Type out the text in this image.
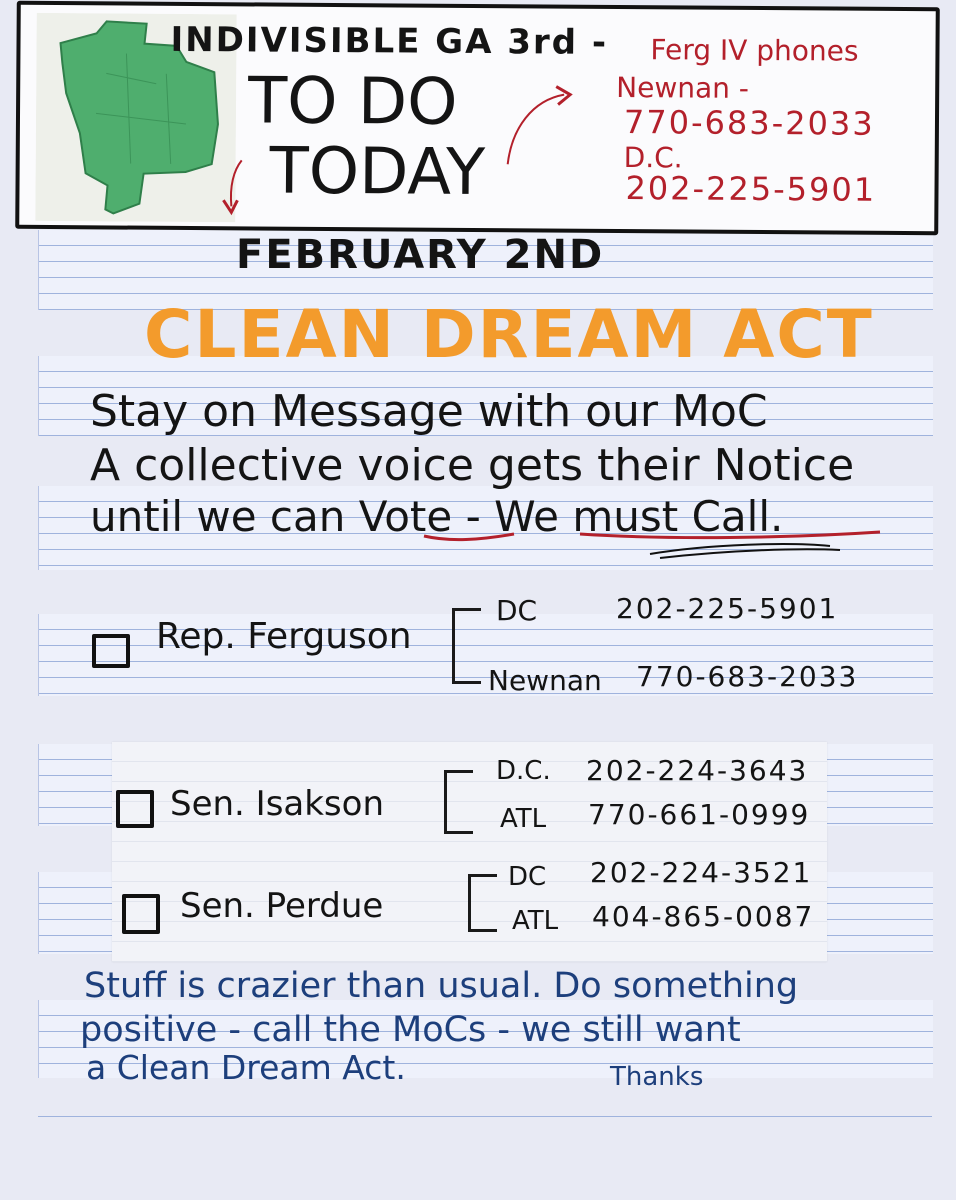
INDIVISIBLE GA 3rd -
TO DO
TODAY
Ferg IV phones
Newnan -
770-683-2033
D.C.
202-225-5901
FEBRUARY 2ND
CLEAN DREAM ACT
Stay on Message with our MoC
A collective voice gets their Notice
until we can Vote - We must Call.
Rep. Ferguson
DC	202-225-5901
Newnan 770-683-2033
Sen. Isakson
D.C. 202-224-3643
ATL 770-661-0999
Sen. Perdue
DC 202-224-3521
ATL 404-865-0087
Stuff is crazier than usual. Do something
positive - call the MoCs - we still want
a Clean Dream Act.	Thanks
